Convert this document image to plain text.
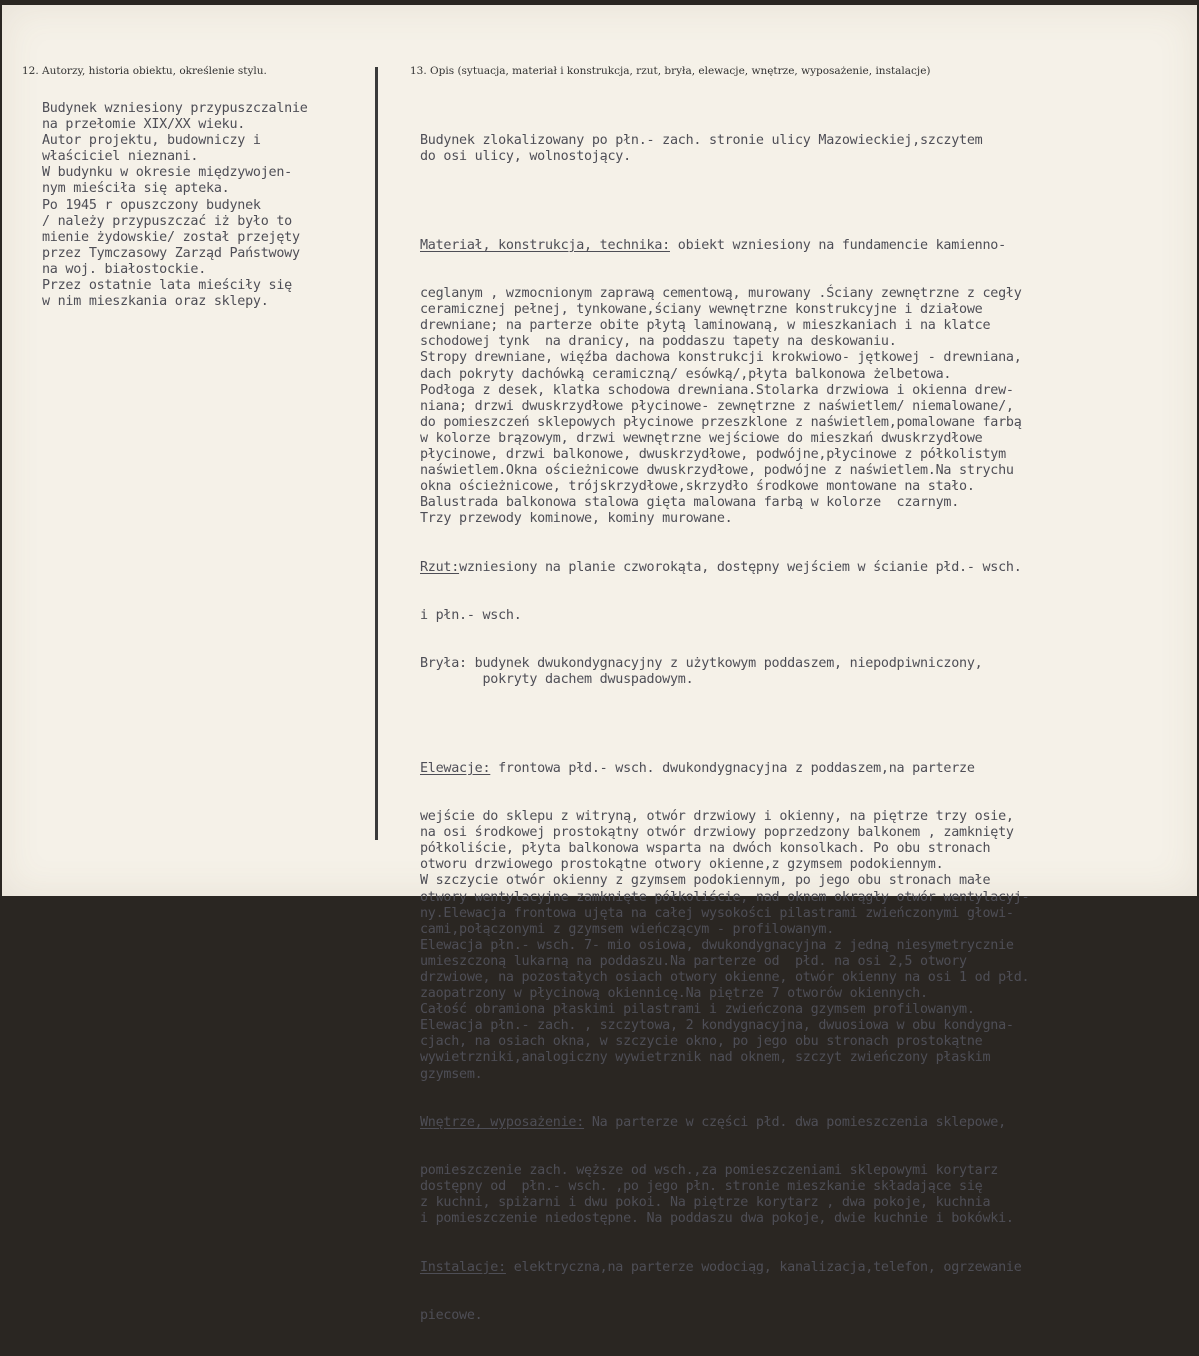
12. Autorzy, historia obiektu, określenie stylu.	13. Opis (sytuacja, materiał i konstrukcja, rzut, bryła, elewacje, wnętrze, wyposażenie, instalacje)
Budynek wzniesiony przypuszczalnie
na przełomie XIX/XX wieku.
Autor projektu, budowniczy i
właściciel nieznani.
W budynku w okresie międzywojen-
nym mieściła się apteka.
Po 1945 r opuszczony budynek
/ należy przypuszczać iż było to
mienie żydowskie/ został przejęty
przez Tymczasowy Zarząd Państwowy
na woj. białostockie.
Przez ostatnie lata mieściły się
w nim mieszkania oraz sklepy.

Budynek zlokalizowany po płn.- zach. stronie ulicy Mazowieckiej,szczytem
do osi ulicy, wolnostojący.

Materiał, konstrukcja, technika: obiekt wzniesiony na fundamencie kamienno-

ceglanym , wzmocnionym zaprawą cementową, murowany .Ściany zewnętrzne z cegły
ceramicznej pełnej, tynkowane,ściany wewnętrzne konstrukcyjne i działowe
drewniane; na parterze obite płytą laminowaną, w mieszkaniach i na klatce
schodowej tynk  na dranicy, na poddaszu tapety na deskowaniu.
Stropy drewniane, więźba dachowa konstrukcji krokwiowo- jętkowej - drewniana,
dach pokryty dachówką ceramiczną/ esówką/,płyta balkonowa żelbetowa.
Podłoga z desek, klatka schodowa drewniana.Stolarka drzwiowa i okienna drew-
niana; drzwi dwuskrzydłowe płycinowe- zewnętrzne z naświetlem/ niemalowane/,
do pomieszczeń sklepowych płycinowe przeszklone z naświetlem,pomalowane farbą
w kolorze brązowym, drzwi wewnętrzne wejściowe do mieszkań dwuskrzydłowe
płycinowe, drzwi balkonowe, dwuskrzydłowe, podwójne,płycinowe z półkolistym
naświetlem.Okna ościeżnicowe dwuskrzydłowe, podwójne z naświetlem.Na strychu
okna ościeżnicowe, trójskrzydłowe,skrzydło środkowe montowane na stało.
Balustrada balkonowa stalowa gięta malowana farbą w kolorze  czarnym.
Trzy przewody kominowe, kominy murowane.

Rzut:wzniesiony na planie czworokąta, dostępny wejściem w ścianie płd.- wsch.

i płn.- wsch.

Bryła: budynek dwukondygnacyjny z użytkowym poddaszem, niepodpiwniczony,
pokryty dachem dwuspadowym.

Elewacje: frontowa płd.- wsch. dwukondygnacyjna z poddaszem,na parterze

wejście do sklepu z witryną, otwór drzwiowy i okienny, na piętrze trzy osie,
na osi środkowej prostokątny otwór drzwiowy poprzedzony balkonem , zamknięty
półkoliście, płyta balkonowa wsparta na dwóch konsolkach. Po obu stronach
otworu drzwiowego prostokątne otwory okienne,z gzymsem podokiennym.
W szczycie otwór okienny z gzymsem podokiennym, po jego obu stronach małe
otwory wentylacyjne zamknięte półkoliście, nad oknem okrągły otwór wentylacyj-
ny.Elewacja frontowa ujęta na całej wysokości pilastrami zwieńczonymi głowi-
cami,połączonymi z gzymsem wieńczącym - profilowanym.
Elewacja płn.- wsch. 7- mio osiowa, dwukondygnacyjna z jedną niesymetrycznie
umieszczoną lukarną na poddaszu.Na parterze od  płd. na osi 2,5 otwory
drzwiowe, na pozostałych osiach otwory okienne, otwór okienny na osi 1 od płd.
zaopatrzony w płycinową okiennicę.Na piętrze 7 otworów okiennych.
Całość obramiona płaskimi pilastrami i zwieńczona gzymsem profilowanym.
Elewacja płn.- zach. , szczytowa, 2 kondygnacyjna, dwuosiowa w obu kondygna-
cjach, na osiach okna, w szczycie okno, po jego obu stronach prostokątne
wywietrzniki,analogiczny wywietrznik nad oknem, szczyt zwieńczony płaskim
gzymsem.

Wnętrze, wyposażenie: Na parterze w części płd. dwa pomieszczenia sklepowe,

pomieszczenie zach. węższe od wsch.,za pomieszczeniami sklepowymi korytarz
dostępny od  płn.- wsch. ,po jego płn. stronie mieszkanie składające się
z kuchni, spiżarni i dwu pokoi. Na piętrze korytarz , dwa pokoje, kuchnia
i pomieszczenie niedostępne. Na poddaszu dwa pokoje, dwie kuchnie i bokówki.

Instalacje: elektryczna,na parterze wodociąg, kanalizacja,telefon, ogrzewanie

piecowe.
